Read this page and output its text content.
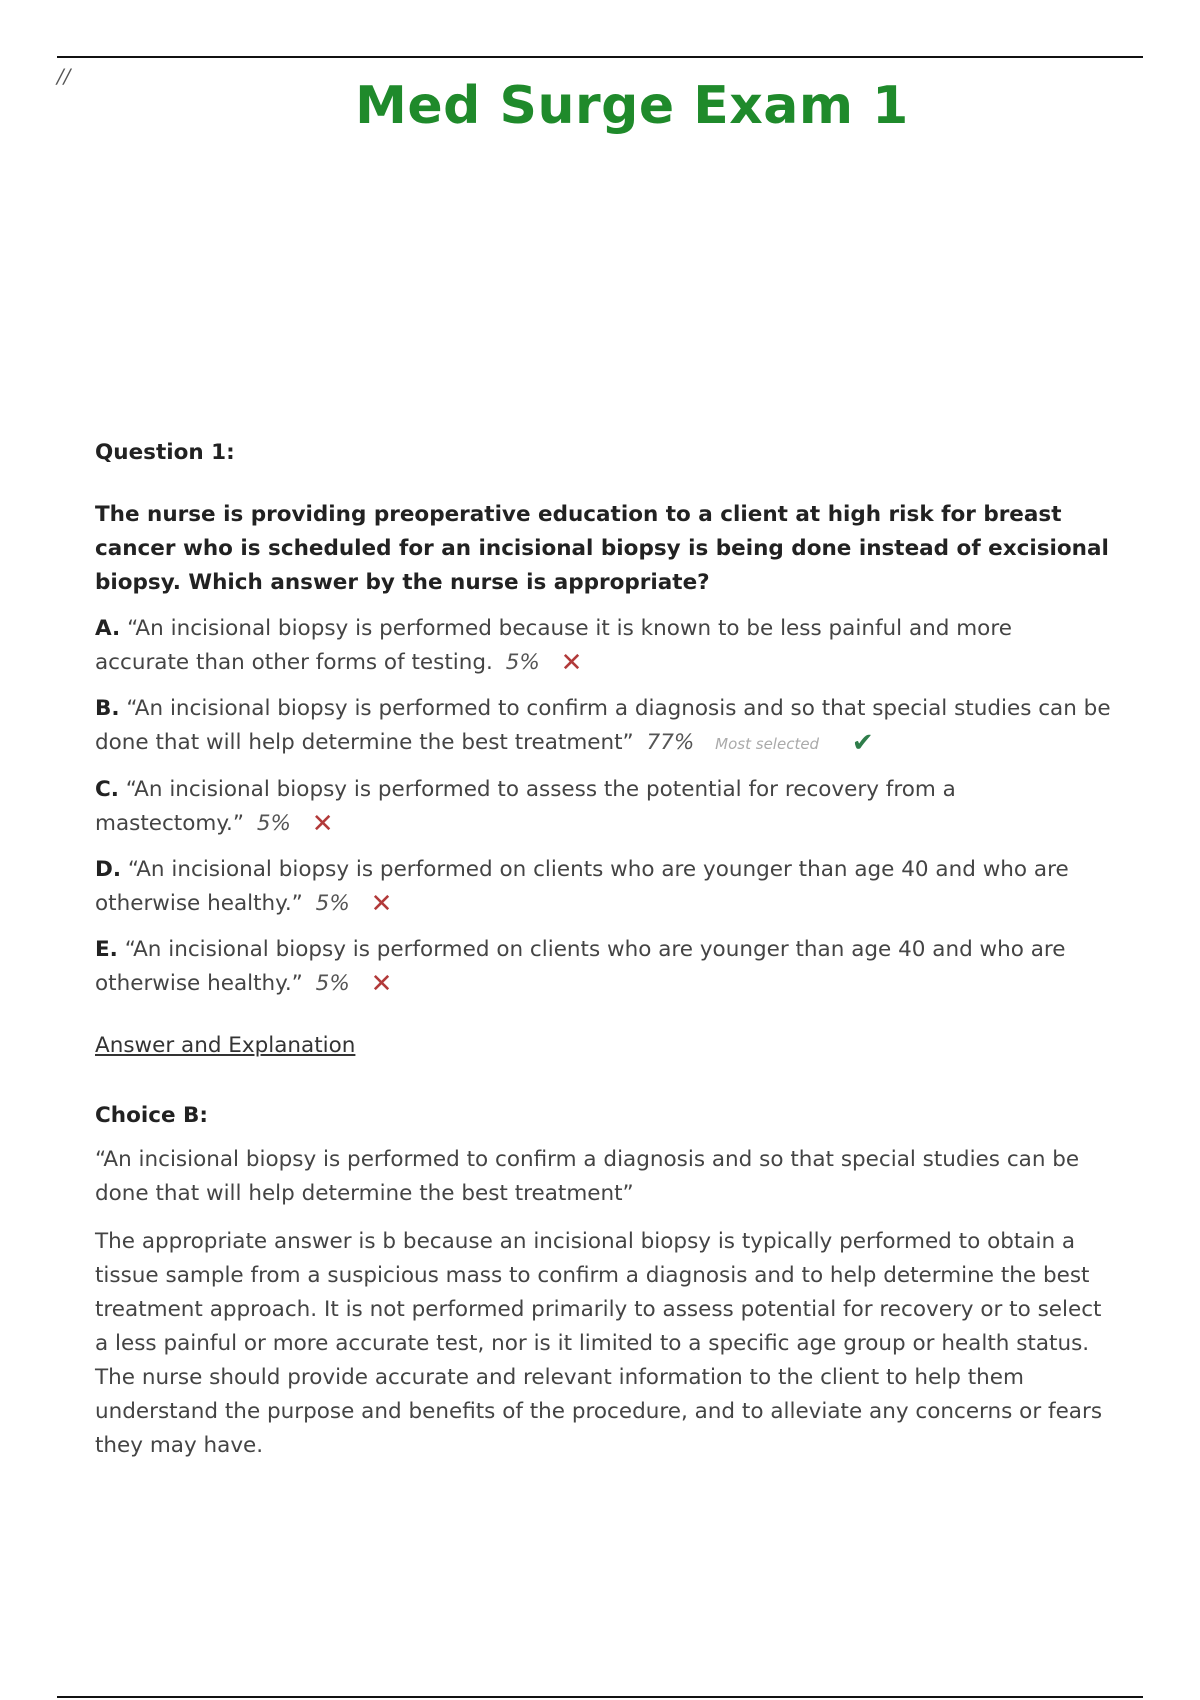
//	Med Surge Exam 1
Question 1:
The nurse is providing preoperative education to a client at high risk for breast cancer who is scheduled for an incisional biopsy is being done instead of excisional biopsy. Which answer by the nurse is appropriate?
A. “An incisional biopsy is performed because it is known to be less painful and more accurate than other forms of testing. 5% ✕
B. “An incisional biopsy is performed to confirm a diagnosis and so that special studies can be done that will help determine the best treatment” 77% Most selected ✔
C. “An incisional biopsy is performed to assess the potential for recovery from a mastectomy.” 5% ✕
D. “An incisional biopsy is performed on clients who are younger than age 40 and who are otherwise healthy.” 5% ✕
E. “An incisional biopsy is performed on clients who are younger than age 40 and who are otherwise healthy.” 5% ✕
Answer and Explanation
Choice B:

“An incisional biopsy is performed to confirm a diagnosis and so that special studies can be done that will help determine the best treatment”

The appropriate answer is b because an incisional biopsy is typically performed to obtain a tissue sample from a suspicious mass to confirm a diagnosis and to help determine the best treatment approach. It is not performed primarily to assess potential for recovery or to select a less painful or more accurate test, nor is it limited to a specific age group or health status. The nurse should provide accurate and relevant information to the client to help them understand the purpose and benefits of the procedure, and to alleviate any concerns or fears they may have.
